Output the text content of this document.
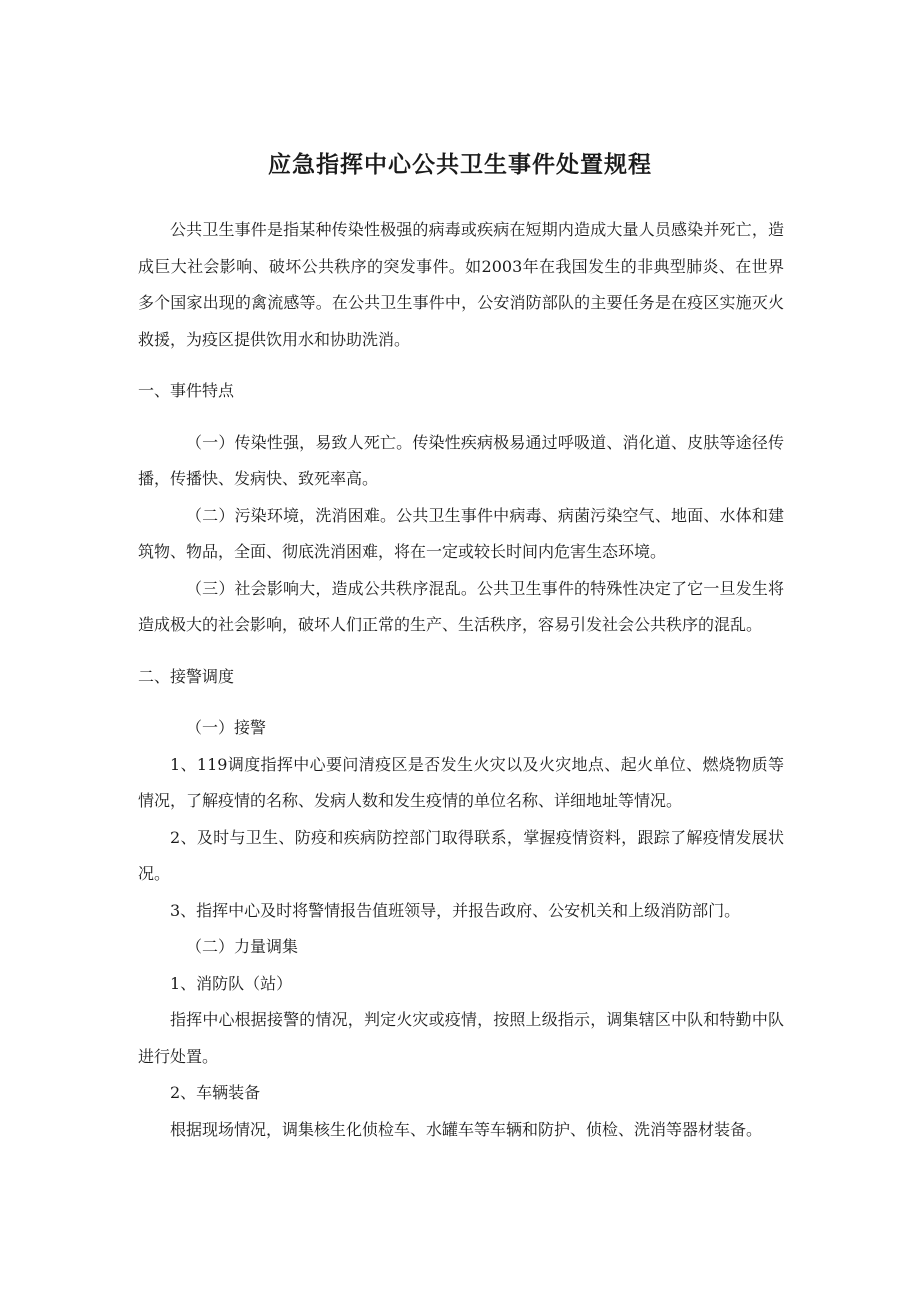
应急指挥中心公共卫生事件处置规程

公共卫生事件是指某种传染性极强的病毒或疾病在短期内造成大量人员感染并死亡，造成巨大社会影响、破坏公共秩序的突发事件。如2003年在我国发生的非典型肺炎、在世界多个国家出现的禽流感等。在公共卫生事件中，公安消防部队的主要任务是在疫区实施灭火救援，为疫区提供饮用水和协助洗消。

一、事件特点

（一）传染性强，易致人死亡。传染性疾病极易通过呼吸道、消化道、皮肤等途径传播，传播快、发病快、致死率高。

（二）污染环境，洗消困难。公共卫生事件中病毒、病菌污染空气、地面、水体和建筑物、物品，全面、彻底洗消困难，将在一定或较长时间内危害生态环境。

（三）社会影响大，造成公共秩序混乱。公共卫生事件的特殊性决定了它一旦发生将造成极大的社会影响，破坏人们正常的生产、生活秩序，容易引发社会公共秩序的混乱。

二、接警调度

（一）接警

1、119调度指挥中心要问清疫区是否发生火灾以及火灾地点、起火单位、燃烧物质等情况，了解疫情的名称、发病人数和发生疫情的单位名称、详细地址等情况。

2、及时与卫生、防疫和疾病防控部门取得联系，掌握疫情资料，跟踪了解疫情发展状况。

3、指挥中心及时将警情报告值班领导，并报告政府、公安机关和上级消防部门。

（二）力量调集

1、消防队（站）

指挥中心根据接警的情况，判定火灾或疫情，按照上级指示，调集辖区中队和特勤中队进行处置。

2、车辆装备

根据现场情况，调集核生化侦检车、水罐车等车辆和防护、侦检、洗消等器材装备。
